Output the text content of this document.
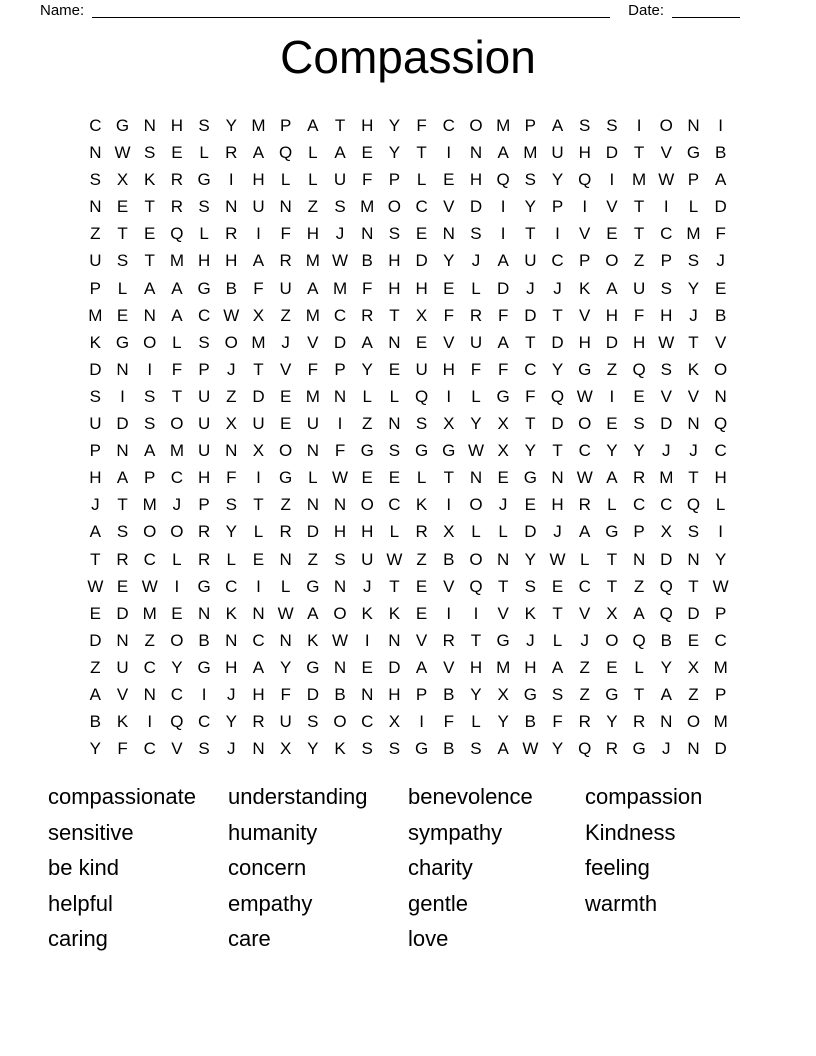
Name:	Date:
Compassion
C G N H S Y M P A T H Y F C O M P A S S	I	O N	I
N W S E L R A Q L A E Y T	I	N A M U H D T V G B
S X K R G	I	H L	L U F P L E H Q S Y Q	I	M W P A
N E T R S N U N Z S M O C V D	I	Y P	I	V T	I	L D
Z T E Q L R	I	F H J N S E N S	I	T	I	V E T C M F
U S T M H H A R M W B H D Y	J	A U C P O Z P S	J
P L A A G B F U A M F H H E L D J	J	K A U S Y E
M E N A C W X Z M C R T X F R F D T V H F H J	B
K G O L S O M J	V D A N E V U A T D H D H W T V
D N	I	F P	J	T V F P Y E U H F F C Y G Z Q S K O
S	I	S T U Z D E M N L	L Q	I	L G F Q W I	E V V N
U D S O U X U E U	I	Z N S X Y X T D O E S D N Q
P N A M U N X O N F G S G G W X Y T C Y Y	J	J C
H A P C H F	I	G L W E E L	T N E G N W A R M T H
J	T M J	P S T Z N N O C K	I	O J	E H R L C C Q L
A S O O R Y L R D H H L R X L	L D J	A G P X S	I
T R C L R L E N Z S U W Z B O N Y W L	T N D N Y
W E W I	G C	I	L G N J	T E V Q T S E C T Z Q T W
E D M E N K N W A O K K E	I	I	V K T V X A Q D P
D N Z O B N C N K W I	N V R T G J	L	J O Q B E C
Z U C Y G H A Y G N E D A V H M H A Z E L Y X M
A V N C	I	J H F D B N H P B Y X G S Z G T A Z P
B K	I	Q C Y R U S O C X	I	F	L Y B F R Y R N O M
Y F C V S	J N X Y K S S G B S A W Y Q R G J N D
compassionate
sensitive
be kind
helpful
caring
understanding
humanity
concern
empathy
care
benevolence
sympathy
charity
gentle
love
compassion
Kindness
feeling
warmth
